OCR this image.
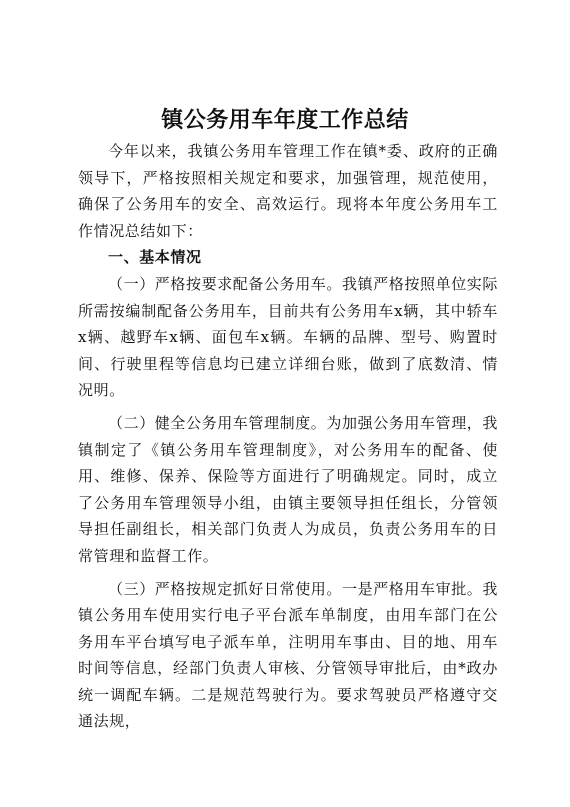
镇公务用车年度工作总结

今年以来，我镇公务用车管理工作在镇*委、政府的正确领导下，严格按照相关规定和要求，加强管理，规范使用，确保了公务用车的安全、高效运行。现将本年度公务用车工作情况总结如下：

一、基本情况

（一）严格按要求配备公务用车。我镇严格按照单位实际所需按编制配备公务用车，目前共有公务用车x辆，其中轿车x辆、越野车x辆、面包车x辆。车辆的品牌、型号、购置时间、行驶里程等信息均已建立详细台账，做到了底数清、情况明。

（二）健全公务用车管理制度。为加强公务用车管理，我镇制定了《镇公务用车管理制度》，对公务用车的配备、使用、维修、保养、保险等方面进行了明确规定。同时，成立了公务用车管理领导小组，由镇主要领导担任组长，分管领导担任副组长，相关部门负责人为成员，负责公务用车的日常管理和监督工作。

（三）严格按规定抓好日常使用。一是严格用车审批。我镇公务用车使用实行电子平台派车单制度，由用车部门在公务用车平台填写电子派车单，注明用车事由、目的地、用车时间等信息，经部门负责人审核、分管领导审批后，由*政办统一调配车辆。二是规范驾驶行为。要求驾驶员严格遵守交通法规，
